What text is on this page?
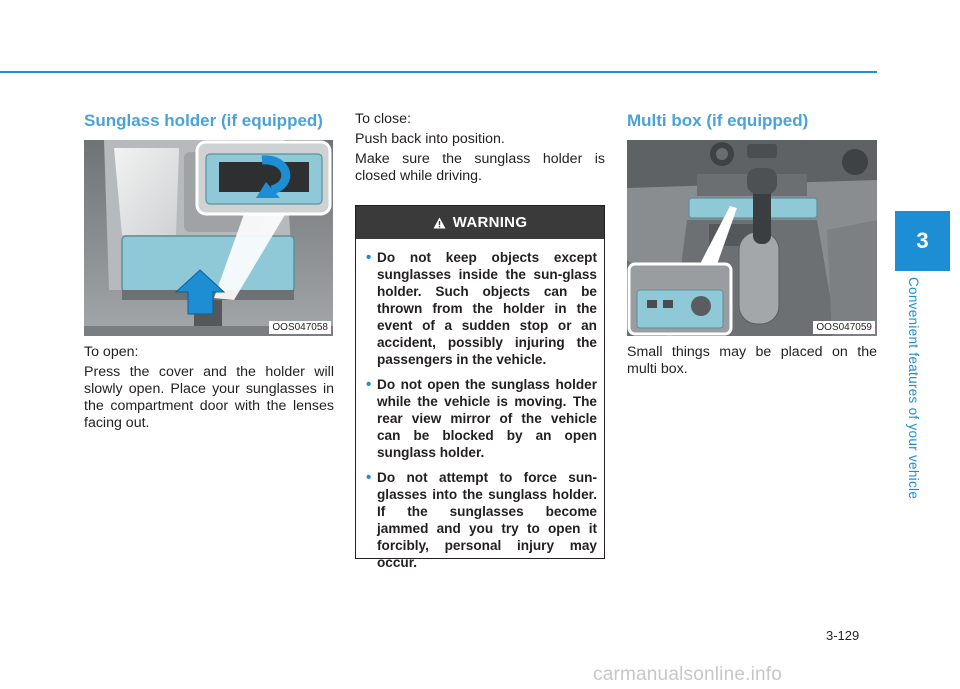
Sunglass holder (if equipped)
OOS047058

To open:

Press the cover and the holder will slowly open. Place your sunglasses in the compartment door with the lenses facing out.

To close:

Push back into position.

Make sure the sunglass holder is closed while driving.

WARNING
• Do not keep objects except sunglasses inside the sun-glass holder. Such objects can be thrown from the holder in the event of a sudden stop or an accident, possibly injuring the passengers in the vehicle.
• Do not open the sunglass holder while the vehicle is moving. The rear view mirror of the vehicle can be blocked by an open sunglass holder.
• Do not attempt to force sun-glasses into the sunglass holder. If the sunglasses become jammed and you try to open it forcibly, personal injury may occur.
Multi box (if equipped)
OOS047059

Small things may be placed on the multi box.

3
Convenient features of your vehicle
3-129
carmanualsonline.info
